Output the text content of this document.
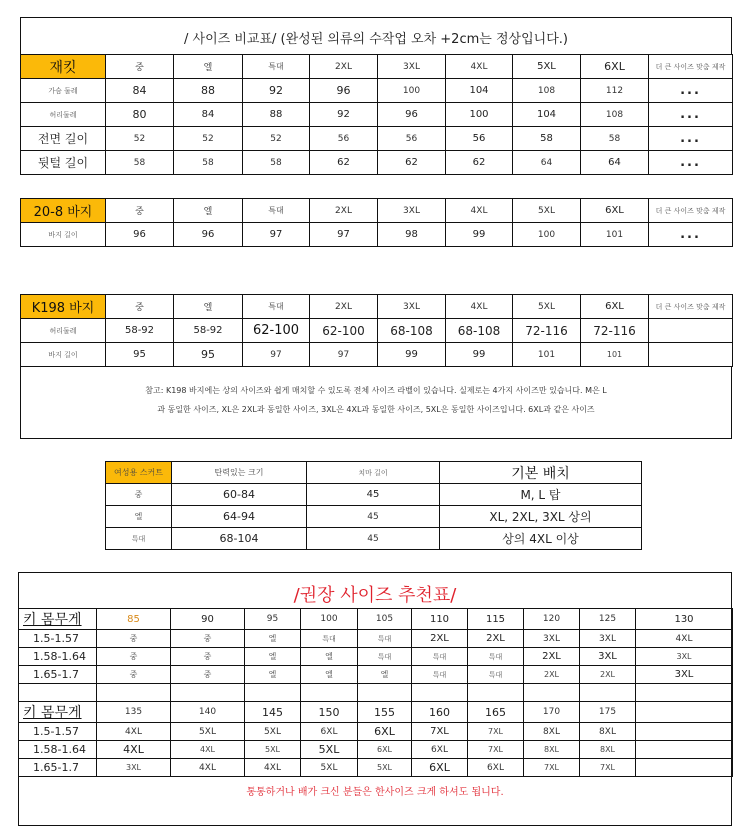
/ 사이즈 비교표/ (완성된 의류의 수작업 오차 +2cm는 정상입니다.)
재킷	중	엘	특대	2XL	3XL	4XL	5XL	6XL	더 큰 사이즈 맞춤 제작
가슴 둘레	84	88	92	96	100	104	108	112	...
허리둘레	80	84	88	92	96	100	104	108	...
전면 길이	52	52	52	56	56	56	58	58	...
뒷털 길이	58	58	58	62	62	62	64	64	...
20-8 바지	중	엘	특대	2XL	3XL	4XL	5XL	6XL	더 큰 사이즈 맞춤 제작
바지 길이	96	96	97	97	98	99	100	101	...
K198 바지	중	엘	특대	2XL	3XL	4XL	5XL	6XL	더 큰 사이즈 맞춤 제작
허리둘레	58-92	58-92	62-100	62-100	68-108	68-108	72-116	72-116	
바지 길이	95	95	97	97	99	99	101	101	
참고: K198 바지에는 상의 사이즈와 쉽게 매치할 수 있도록 전체 사이즈 라벨이 있습니다. 실제로는 4가지 사이즈만 있습니다. M은 L
과 동일한 사이즈, XL은 2XL과 동일한 사이즈, 3XL은 4XL과 동일한 사이즈, 5XL은 동일한 사이즈입니다. 6XL과 같은 사이즈
여성용 스커트	탄력있는 크기	치마 길이	기본 배치
중	60-84	45	M, L 탑
엘	64-94	45	XL, 2XL, 3XL 상의
특대	68-104	45	상의 4XL 이상
/권장 사이즈 추천표/
통통하거나 배가 크신 분들은 한사이즈 크게 하셔도 됩니다.
키 몸무게	85	90	95	100	105	110	115	120	125	130
1.5-1.57	중	중	엘	특대	특대	2XL	2XL	3XL	3XL	4XL
1.58-1.64	중	중	엘	엘	특대	특대	특대	2XL	3XL	3XL
1.65-1.7	중	중	엘	엘	엘	특대	특대	2XL	2XL	3XL

키 몸무게	135	140	145	150	155	160	165	170	175	
1.5-1.57	4XL	5XL	5XL	6XL	6XL	7XL	7XL	8XL	8XL	
1.58-1.64	4XL	4XL	5XL	5XL	6XL	6XL	7XL	8XL	8XL	
1.65-1.7	3XL	4XL	4XL	5XL	5XL	6XL	6XL	7XL	7XL	
